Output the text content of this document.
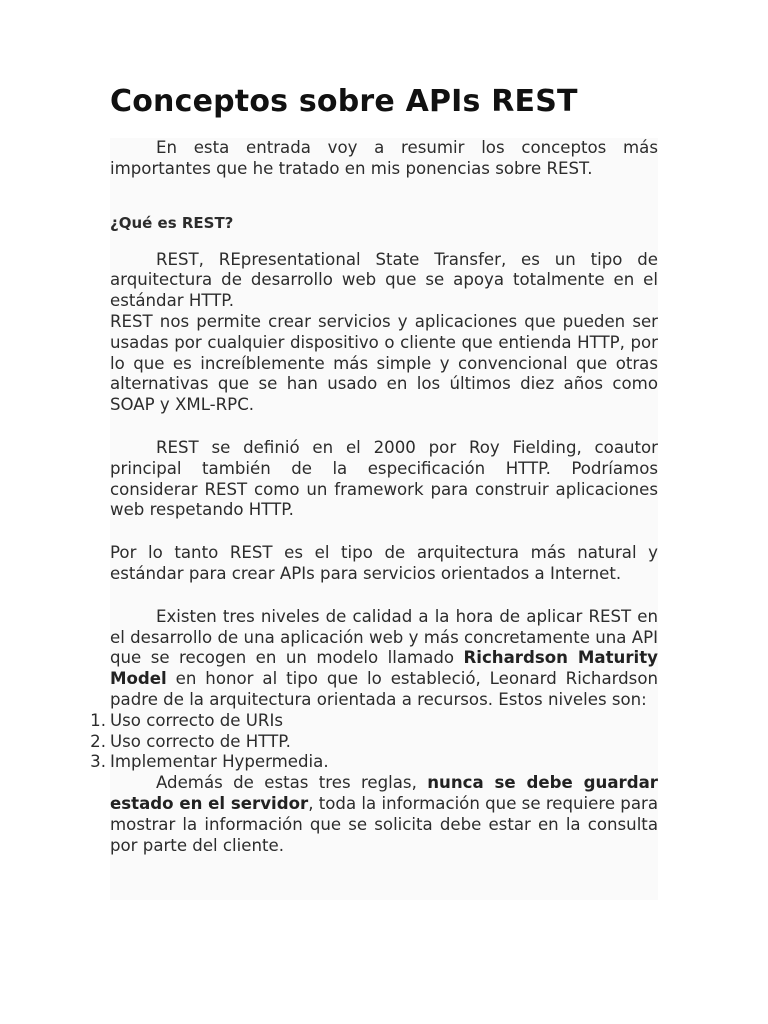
Conceptos sobre APIs REST

En esta entrada voy a resumir los conceptos más importantes que he tratado en mis ponencias sobre REST.

¿Qué es REST?

REST, REpresentational State Transfer, es un tipo de arquitectura de desarrollo web que se apoya totalmente en el estándar HTTP.

REST nos permite crear servicios y aplicaciones que pueden ser usadas por cualquier dispositivo o cliente que entienda HTTP, por lo que es increíblemente más simple y convencional que otras alternativas que se han usado en los últimos diez años como SOAP y XML-RPC.

REST se definió en el 2000 por Roy Fielding, coautor principal también de la especificación HTTP. Podríamos considerar REST como un framework para construir aplicaciones web respetando HTTP.

Por lo tanto REST es el tipo de arquitectura más natural y estándar para crear APIs para servicios orientados a Internet.

Existen tres niveles de calidad a la hora de aplicar REST en el desarrollo de una aplicación web y más concretamente una API que se recogen en un modelo llamado Richardson Maturity Model en honor al tipo que lo estableció, Leonard Richardson padre de la arquitectura orientada a recursos. Estos niveles son:

1. Uso correcto de URIs
2. Uso correcto de HTTP.
3. Implementar Hypermedia.

Además de estas tres reglas, nunca se debe guardar estado en el servidor, toda la información que se requiere para mostrar la información que se solicita debe estar en la consulta por parte del cliente.
